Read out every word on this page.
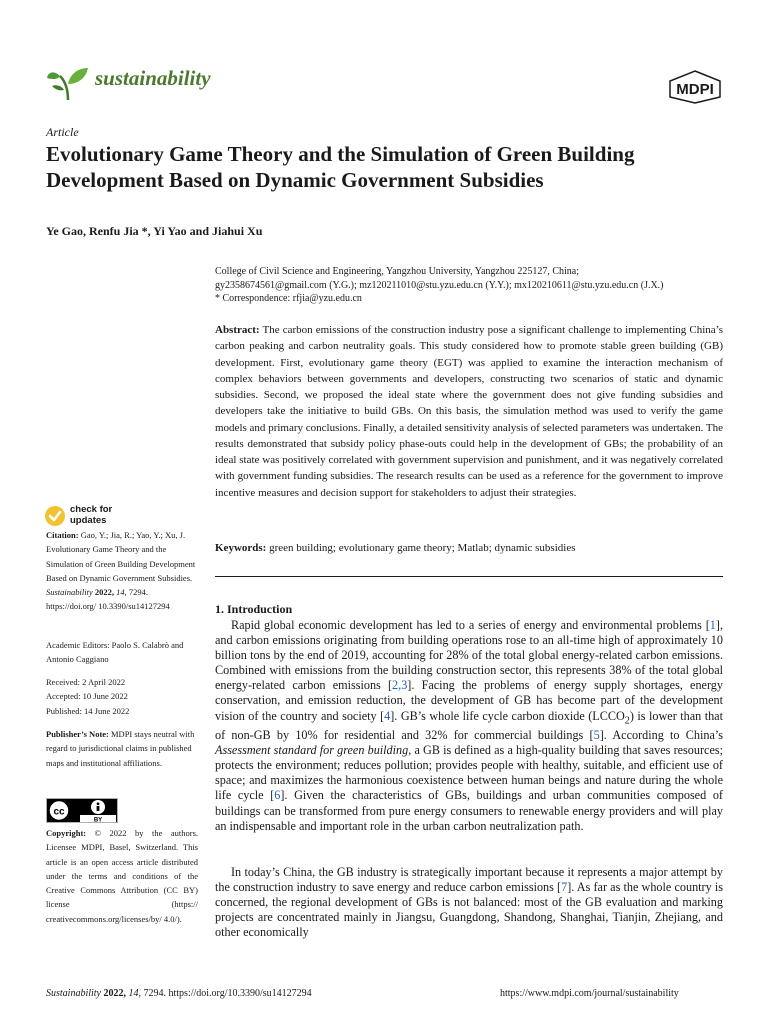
sustainability	MDPI
Article
Evolutionary Game Theory and the Simulation of Green Building Development Based on Dynamic Government Subsidies
Ye Gao, Renfu Jia *, Yi Yao and Jiahui Xu
College of Civil Science and Engineering, Yangzhou University, Yangzhou 225127, China;
gy2358674561@gmail.com (Y.G.); mz120211010@stu.yzu.edu.cn (Y.Y.); mx120210611@stu.yzu.edu.cn (J.X.)
* Correspondence: rfjia@yzu.edu.cn
Abstract: The carbon emissions of the construction industry pose a significant challenge to implementing China’s carbon peaking and carbon neutrality goals. This study considered how to promote stable green building (GB) development. First, evolutionary game theory (EGT) was applied to examine the interaction mechanism of complex behaviors between governments and developers, constructing two scenarios of static and dynamic subsidies. Second, we proposed the ideal state where the government does not give funding subsidies and developers take the initiative to build GBs. On this basis, the simulation method was used to verify the game models and primary conclusions. Finally, a detailed sensitivity analysis of selected parameters was undertaken. The results demonstrated that subsidy policy phase-outs could help in the development of GBs; the probability of an ideal state was positively correlated with government supervision and punishment, and it was negatively correlated with government funding subsidies. The research results can be used as a reference for the government to improve incentive measures and decision support for stakeholders to adjust their strategies.
Keywords: green building; evolutionary game theory; Matlab; dynamic subsidies
1. Introduction

Rapid global economic development has led to a series of energy and environmental problems [1], and carbon emissions originating from building operations rose to an all-time high of approximately 10 billion tons by the end of 2019, accounting for 28% of the total global energy-related carbon emissions. Combined with emissions from the building construction sector, this represents 38% of the total global energy-related carbon emissions [2,3]. Facing the problems of energy supply shortages, energy conservation, and emission reduction, the development of GB has become part of the development vision of the country and society [4]. GB’s whole life cycle carbon dioxide $(LCCO_2)$ is lower than that of non-GB by 10% for residential and 32% for commercial buildings [5]. According to China’s Assessment standard for green building, a GB is defined as a high-quality building that saves resources; protects the environment; reduces pollution; provides people with healthy, suitable, and efficient use of space; and maximizes the harmonious coexistence between human beings and nature during the whole life cycle [6]. Given the characteristics of GBs, buildings and urban communities composed of buildings can be transformed from pure energy consumers to renewable energy providers and will play an indispensable and important role in the urban carbon neutralization path.

In today’s China, the GB industry is strategically important because it represents a major attempt by the construction industry to save energy and reduce carbon emissions [7]. As far as the whole country is concerned, the regional development of GBs is not balanced: most of the GB evaluation and marking projects are concentrated mainly in Jiangsu, Guangdong, Shandong, Shanghai, Tianjin, Zhejiang, and other economically

check for
updates
Citation: Gao, Y.; Jia, R.; Yao, Y.; Xu, J. Evolutionary Game Theory and the Simulation of Green Building Development Based on Dynamic Government Subsidies. Sustainability 2022, 14, 7294. https://doi.org/ 10.3390/su14127294
Academic Editors: Paolo S. Calabrò and Antonio Caggiano
Received: 2 April 2022
Accepted: 10 June 2022
Published: 14 June 2022
Publisher’s Note: MDPI stays neutral with regard to jurisdictional claims in published maps and institutional affiliations.
cc
BY
Copyright: © 2022 by the authors. Licensee MDPI, Basel, Switzerland. This article is an open access article distributed under the terms and conditions of the Creative Commons Attribution (CC BY) license (https:// creativecommons.org/licenses/by/ 4.0/).
Sustainability 2022, 14, 7294. https://doi.org/10.3390/su14127294	https://www.mdpi.com/journal/sustainability
